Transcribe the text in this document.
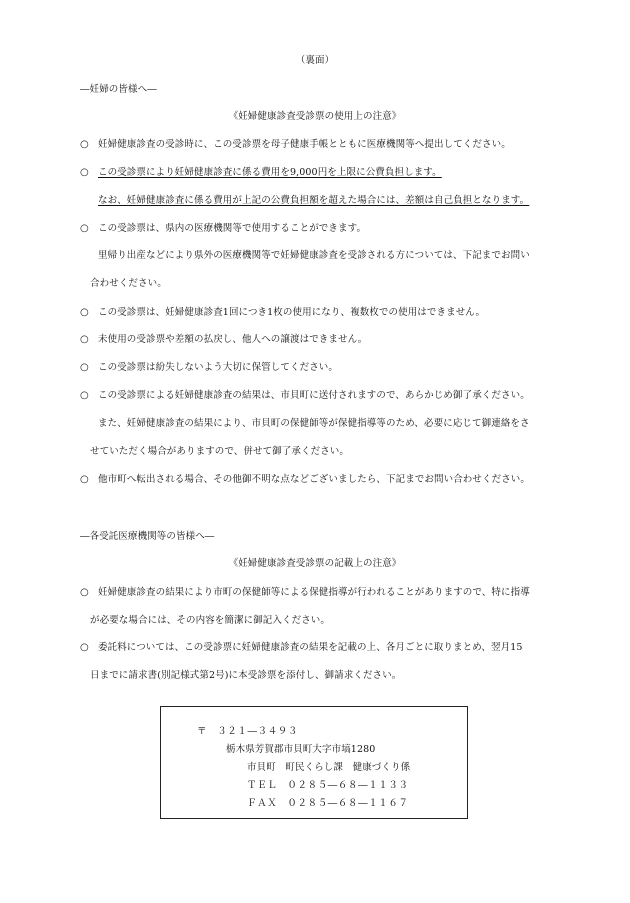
（裏面）
―妊婦の皆様へ―
《妊婦健康診査受診票の使用上の注意》
○ 妊婦健康診査の受診時に、この受診票を母子健康手帳とともに医療機関等へ提出してください。
○ この受診票により妊婦健康診査に係る費用を9,000円を上限に公費負担します。
なお、妊婦健康診査に係る費用が上記の公費負担額を超えた場合には、差額は自己負担となります。
○ この受診票は、県内の医療機関等で使用することができます。
里帰り出産などにより県外の医療機関等で妊婦健康診査を受診される方については、下記までお問い
合わせください。
○ この受診票は、妊婦健康診査1回につき1枚の使用になり、複数枚での使用はできません。
○ 未使用の受診票や差額の払戻し、他人への譲渡はできません。
○ この受診票は紛失しないよう大切に保管してください。
○ この受診票による妊婦健康診査の結果は、市貝町に送付されますので、あらかじめ御了承ください。
また、妊婦健康診査の結果により、市貝町の保健師等が保健指導等のため、必要に応じて御連絡をさ
せていただく場合がありますので、併せて御了承ください。
○ 他市町へ転出される場合、その他御不明な点などございましたら、下記までお問い合わせください。
―各受託医療機関等の皆様へ―
《妊婦健康診査受診票の記載上の注意》
○ 妊婦健康診査の結果により市町の保健師等による保健指導が行われることがありますので、特に指導
が必要な場合には、その内容を簡潔に御記入ください。
○ 委託料については、この受診票に妊婦健康診査の結果を記載の上、各月ごとに取りまとめ、翌月15
日までに請求書(別記様式第2号)に本受診票を添付し、御請求ください。
〒　３２１―３４９３
栃木県芳賀郡市貝町大字市塙1280
市貝町　町民くらし課　健康づくり係
ＴＥＬ　０２８５―６８―１１３３
ＦＡＸ　０２８５―６８―１１６７
